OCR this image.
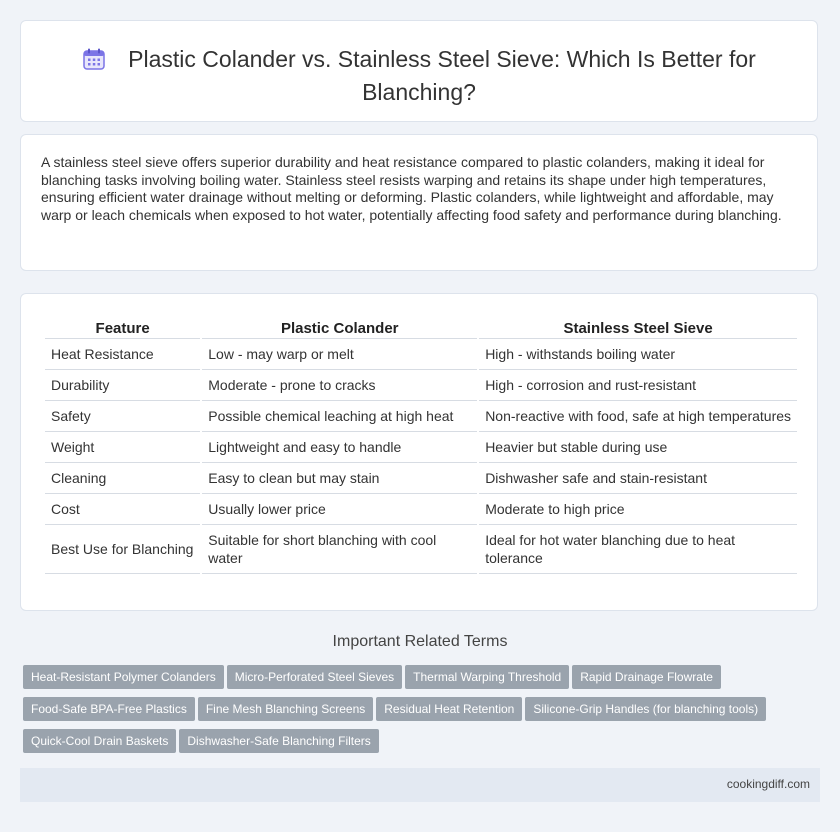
Plastic Colander vs. Stainless Steel Sieve: Which Is Better for Blanching?
A stainless steel sieve offers superior durability and heat resistance compared to plastic colanders, making it ideal for blanching tasks involving boiling water. Stainless steel resists warping and retains its shape under high temperatures, ensuring efficient water drainage without melting or deforming. Plastic colanders, while lightweight and affordable, may warp or leach chemicals when exposed to hot water, potentially affecting food safety and performance during blanching.
Feature	Plastic Colander	Stainless Steel Sieve
Heat Resistance	Low - may warp or melt	High - withstands boiling water
Durability	Moderate - prone to cracks	High - corrosion and rust-resistant
Safety	Possible chemical leaching at high heat	Non-reactive with food, safe at high temperatures
Weight	Lightweight and easy to handle	Heavier but stable during use
Cleaning	Easy to clean but may stain	Dishwasher safe and stain-resistant
Cost	Usually lower price	Moderate to high price
Best Use for Blanching	Suitable for short blanching with cool water	Ideal for hot water blanching due to heat tolerance
Important Related Terms
Heat-Resistant Polymer Colanders Micro-Perforated Steel Sieves Thermal Warping Threshold Rapid Drainage Flowrate
Food-Safe BPA-Free Plastics Fine Mesh Blanching Screens Residual Heat Retention Silicone-Grip Handles (for blanching tools)
Quick-Cool Drain Baskets Dishwasher-Safe Blanching Filters
cookingdiff.com
